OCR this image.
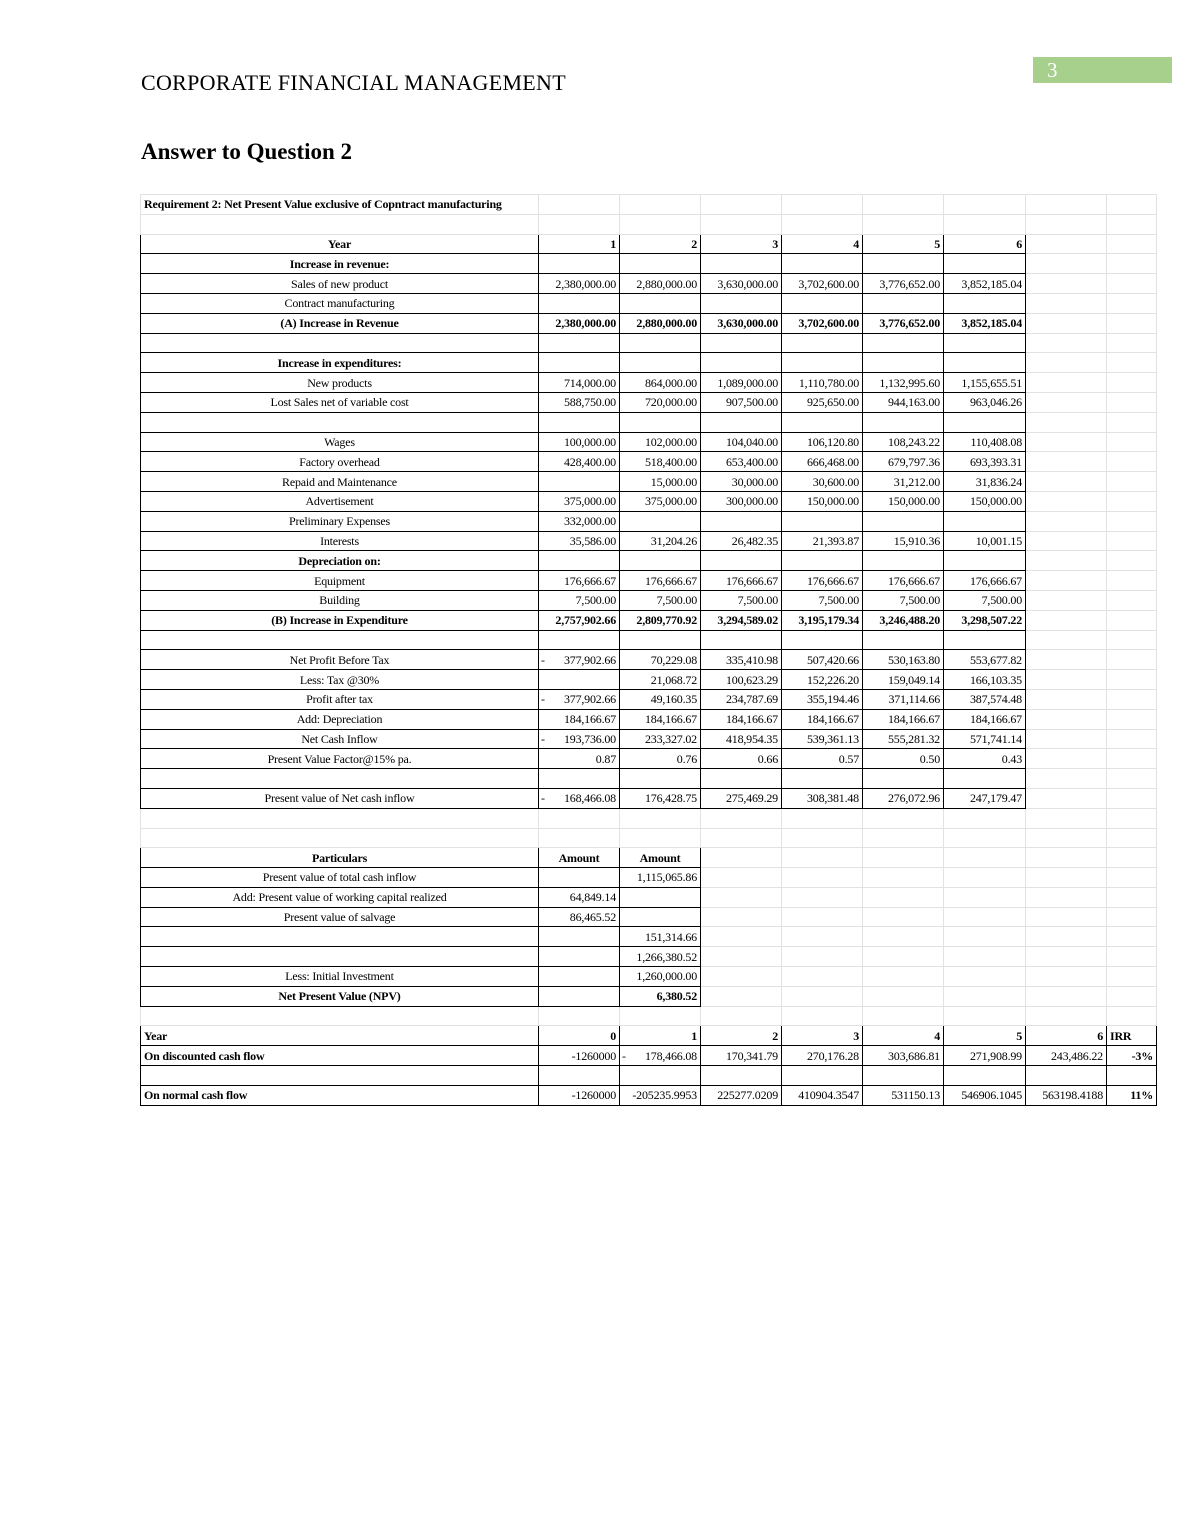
3
CORPORATE FINANCIAL MANAGEMENT
Answer to Question 2
Requirement 2: Net Present Value exclusive of Copntract manufacturing								

Year	1	2	3	4	5	6		
Increase in revenue:								
Sales of new product	2,380,000.00	2,880,000.00	3,630,000.00	3,702,600.00	3,776,652.00	3,852,185.04		
Contract manufacturing								
(A) Increase in Revenue	2,380,000.00	2,880,000.00	3,630,000.00	3,702,600.00	3,776,652.00	3,852,185.04		

Increase in expenditures:								
New products	714,000.00	864,000.00	1,089,000.00	1,110,780.00	1,132,995.60	1,155,655.51		
Lost Sales net of variable cost	588,750.00	720,000.00	907,500.00	925,650.00	944,163.00	963,046.26		

Wages	100,000.00	102,000.00	104,040.00	106,120.80	108,243.22	110,408.08		
Factory overhead	428,400.00	518,400.00	653,400.00	666,468.00	679,797.36	693,393.31		
Repaid and Maintenance		15,000.00	30,000.00	30,600.00	31,212.00	31,836.24		
Advertisement	375,000.00	375,000.00	300,000.00	150,000.00	150,000.00	150,000.00		
Preliminary Expenses	332,000.00							
Interests	35,586.00	31,204.26	26,482.35	21,393.87	15,910.36	10,001.15		
Depreciation on:								
Equipment	176,666.67	176,666.67	176,666.67	176,666.67	176,666.67	176,666.67		
Building	7,500.00	7,500.00	7,500.00	7,500.00	7,500.00	7,500.00		
(B) Increase in Expenditure	2,757,902.66	2,809,770.92	3,294,589.02	3,195,179.34	3,246,488.20	3,298,507.22		

Net Profit Before Tax	- 377,902.66	70,229.08	335,410.98	507,420.66	530,163.80	553,677.82		
Less: Tax @30%		21,068.72	100,623.29	152,226.20	159,049.14	166,103.35		
Profit after tax	- 377,902.66	49,160.35	234,787.69	355,194.46	371,114.66	387,574.48		
Add: Depreciation	184,166.67	184,166.67	184,166.67	184,166.67	184,166.67	184,166.67		
Net Cash Inflow	- 193,736.00	233,327.02	418,954.35	539,361.13	555,281.32	571,741.14		
Present Value Factor@15% pa.	0.87	0.76	0.66	0.57	0.50	0.43		

Present value of Net cash inflow	- 168,466.08	176,428.75	275,469.29	308,381.48	276,072.96	247,179.47		

Particulars	Amount	Amount						
Present value of total cash inflow		1,115,065.86						
Add: Present value of working capital realized	64,849.14							
Present value of salvage	86,465.52							
		151,314.66						
		1,266,380.52						
Less: Initial Investment		1,260,000.00						
Net Present Value (NPV)		6,380.52						

Year	0	1	2	3	4	5	6	IRR
On discounted cash flow	-1260000	- 178,466.08	170,341.79	270,176.28	303,686.81	271,908.99	243,486.22	-3%

On normal cash flow	-1260000	-205235.9953	225277.0209	410904.3547	531150.13	546906.1045	563198.4188	11%
